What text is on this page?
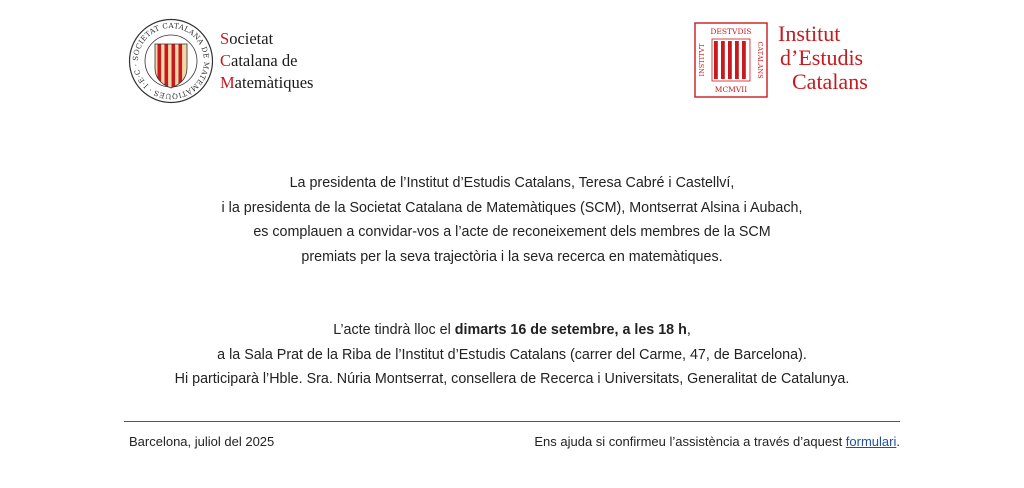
SOCIETAT CATALANA DE MATEMÀTIQUES · I·E·C ·
Societat
Catalana de
Matemàtiques
DESTVDIS
MCMVII
INSTITVT	CATALANS
Institut
d’Estudis
Catalans

La presidenta de l’Institut d’Estudis Catalans, Teresa Cabré i Castellví,

i la presidenta de la Societat Catalana de Matemàtiques (SCM), Montserrat Alsina i Aubach,

es complauen a convidar-vos a l’acte de reconeixement dels membres de la SCM

premiats per la seva trajectòria i la seva recerca en matemàtiques.

L’acte tindrà lloc el dimarts 16 de setembre, a les 18 h,

a la Sala Prat de la Riba de l’Institut d’Estudis Catalans (carrer del Carme, 47, de Barcelona).

Hi participarà l’Hble. Sra. Núria Montserrat, consellera de Recerca i Universitats, Generalitat de Catalunya.

Barcelona, juliol del 2025	Ens ajuda si confirmeu l’assistència a través d’aquest formulari.
